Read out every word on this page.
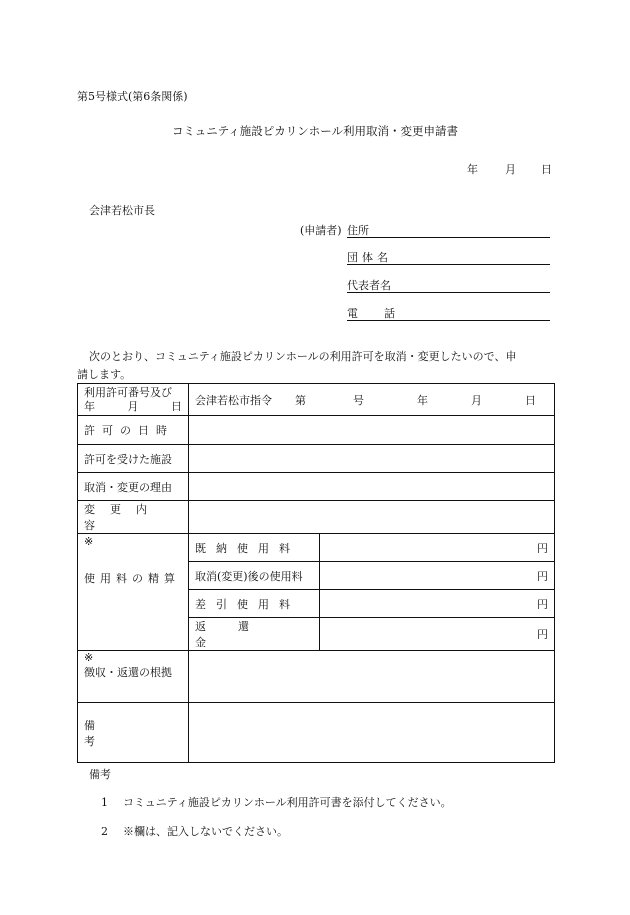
第5号様式(第6条関係)
コミュニティ施設ピカリンホール利用取消・変更申請書
年 月 日
会津若松市長
(申請者) 住所
団体名
代表者名
電話
次のとおり、コミュニティ施設ピカリンホールの利用許可を取消・変更したいので、申
請します。
利用許可番号及び
年 月 日	会津若松市指令 第 号 年 月 日	
許可の日時		
許可を受けた施設		
取消・変更の理由		
変更内容		

※
使用料の精算	既納使用料	円
	取消(変更)後の使用料	円
	差引使用料	円
	返還金	円

※
徴収・返還の根拠		

備考		
備考
1 コミュニティ施設ピカリンホール利用許可書を添付してください。
2 ※欄は、記入しないでください。
